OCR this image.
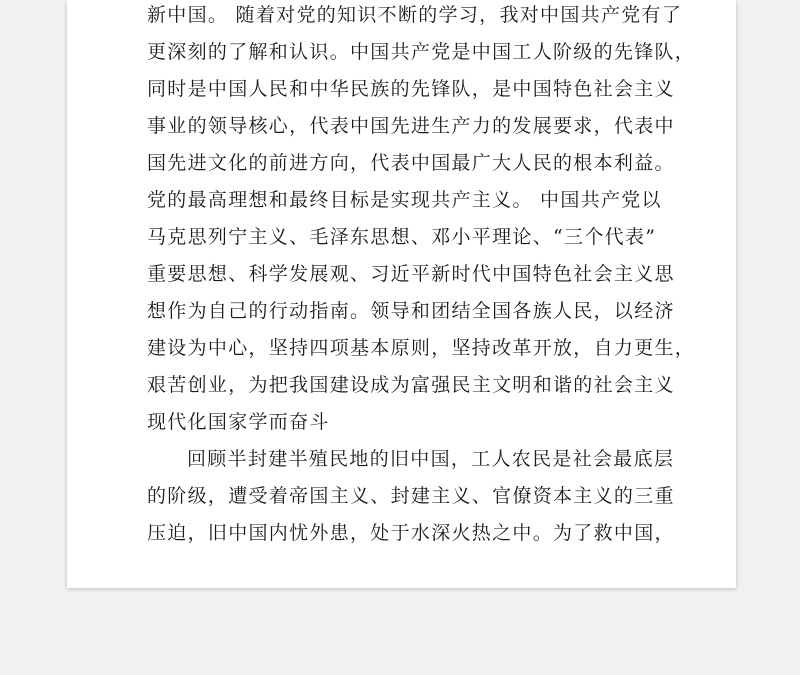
新中国。 随着对党的知识不断的学习，我对中国共产党有了
更深刻的了解和认识。中国共产党是中国工人阶级的先锋队，
同时是中国人民和中华民族的先锋队，是中国特色社会主义
事业的领导核心，代表中国先进生产力的发展要求，代表中
国先进文化的前进方向，代表中国最广大人民的根本利益。
党的最高理想和最终目标是实现共产主义。 中国共产党以
马克思列宁主义、毛泽东思想、邓小平理论、“三个代表”
重要思想、科学发展观、习近平新时代中国特色社会主义思
想作为自己的行动指南。领导和团结全国各族人民，以经济
建设为中心，坚持四项基本原则，坚持改革开放，自力更生，
艰苦创业，为把我国建设成为富强民主文明和谐的社会主义
现代化国家学而奋斗
回顾半封建半殖民地的旧中国，工人农民是社会最底层
的阶级，遭受着帝国主义、封建主义、官僚资本主义的三重
压迫，旧中国内忧外患，处于水深火热之中。为了救中国，
